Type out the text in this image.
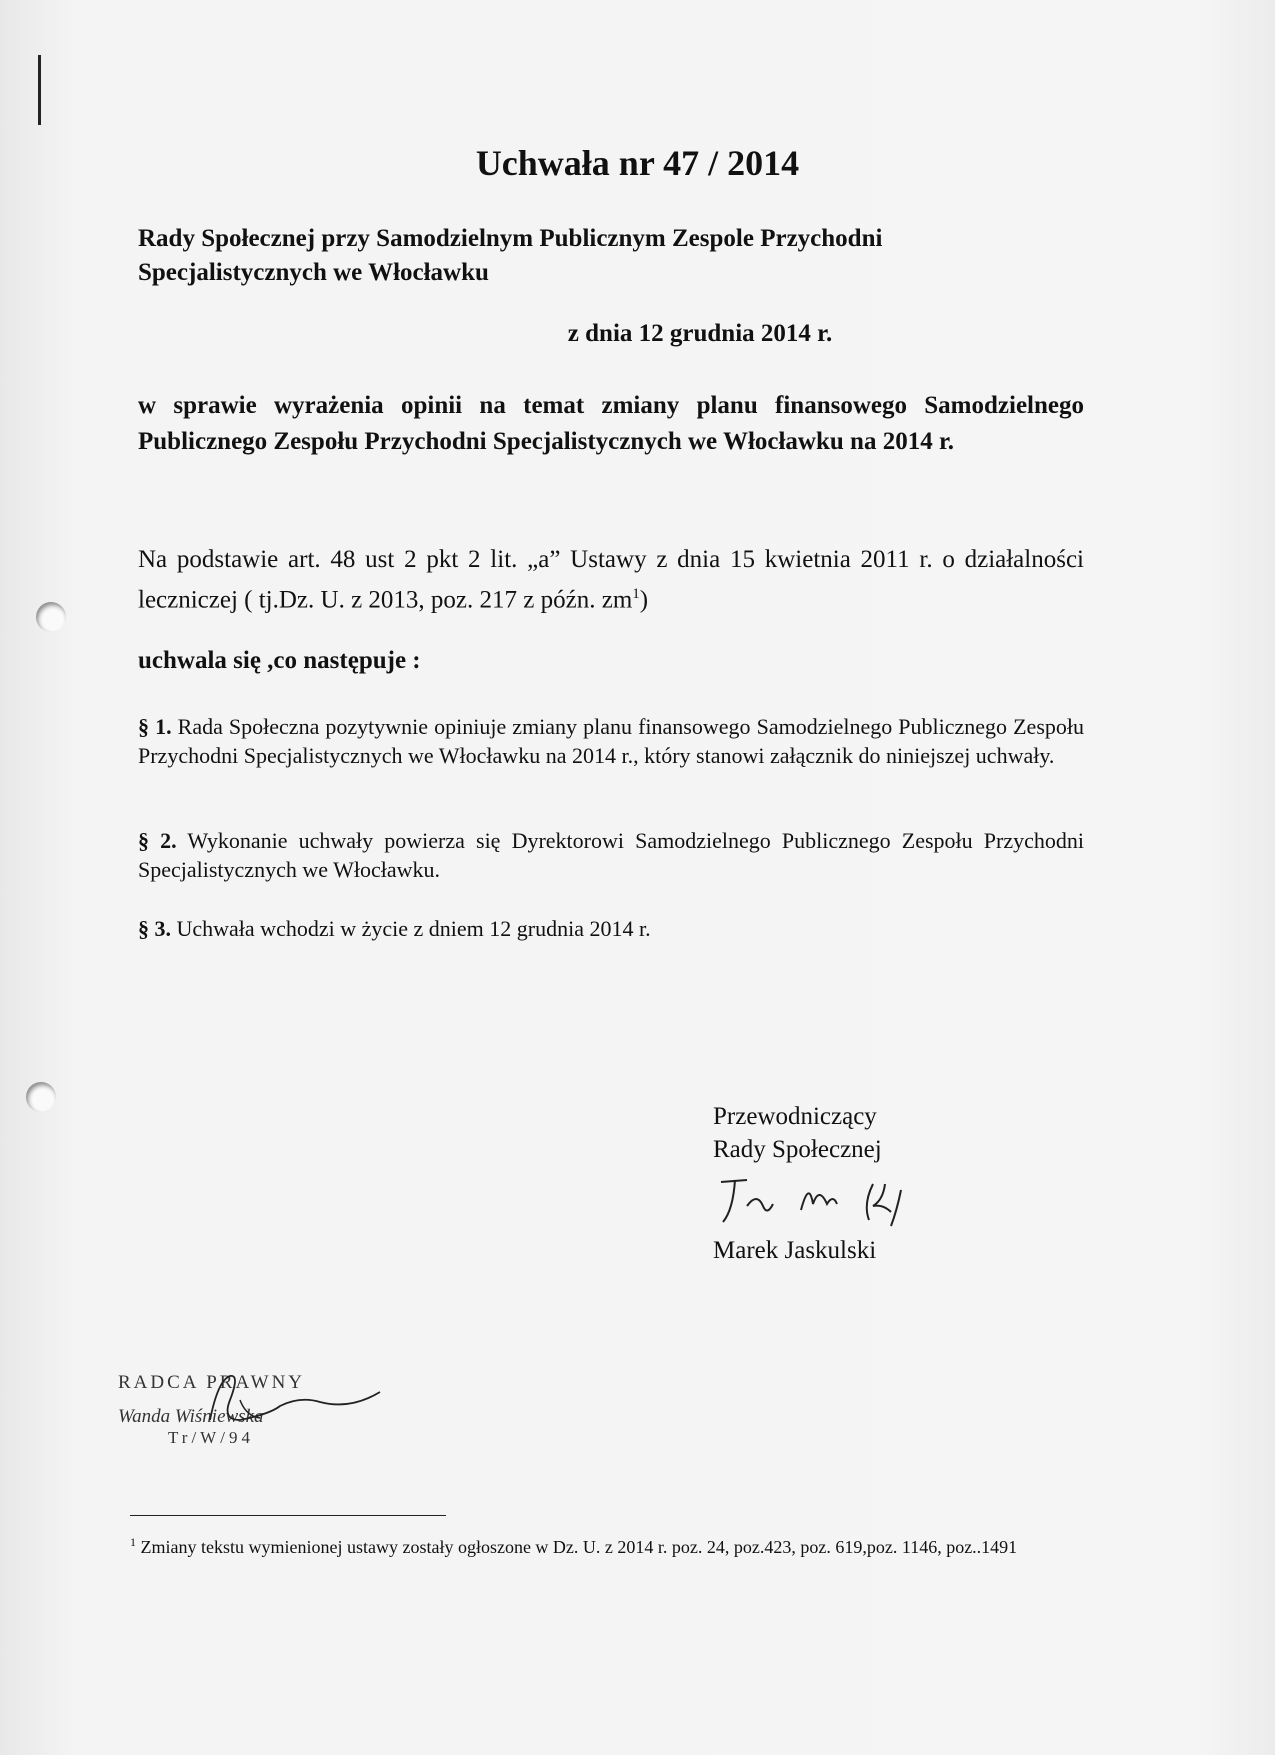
Uchwała nr 47 / 2014
Rady Społecznej przy Samodzielnym Publicznym Zespole Przychodni
Specjalistycznych we Włocławku
z dnia 12 grudnia 2014 r.
w sprawie wyrażenia opinii na temat zmiany planu finansowego Samodzielnego Publicznego Zespołu Przychodni Specjalistycznych we Włocławku na 2014 r.
Na podstawie art. 48 ust 2 pkt 2 lit. „a” Ustawy z dnia 15 kwietnia 2011 r. o działalności leczniczej ( tj.Dz. U. z 2013, poz. 217 z późn. $zm^1$)
uchwala się ,co następuje :
§ 1. Rada Społeczna pozytywnie opiniuje zmiany planu finansowego Samodzielnego Publicznego Zespołu Przychodni Specjalistycznych we Włocławku na 2014 r., który stanowi załącznik do niniejszej uchwały.
§ 2. Wykonanie uchwały powierza się Dyrektorowi Samodzielnego Publicznego Zespołu Przychodni Specjalistycznych we Włocławku.
§ 3. Uchwała wchodzi w życie z dniem 12 grudnia 2014 r.
Przewodniczący
Rady Społecznej
Marek Jaskulski
RADCA PRAWNY
Wanda Wiśniewska
Tr/W/94
$^1$ Zmiany tekstu wymienionej ustawy zostały ogłoszone w Dz. U. z 2014 r. poz. 24, poz.423, poz. 619,poz. 1146, poz..1491
